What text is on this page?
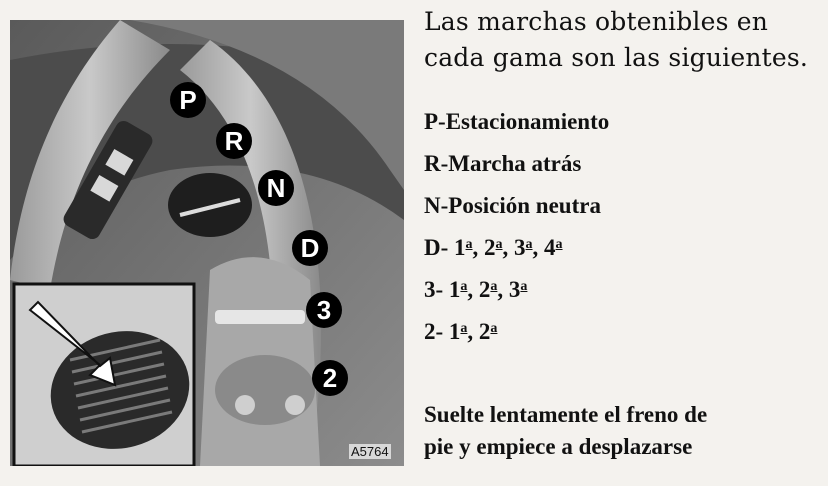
P
R
N
D
3
2
A5764

Las marchas obtenibles en

cada gama son las siguientes.

P-Estacionamiento

R-Marcha atrás

N-Posición neutra

D- 1$^a$, 2$^a$, 3$^a$, 4$^a$

3- 1$^a$, 2$^a$, 3$^a$

2- 1$^a$, 2$^a$

Suelte lentamente el freno de

pie y empiece a desplazarse
